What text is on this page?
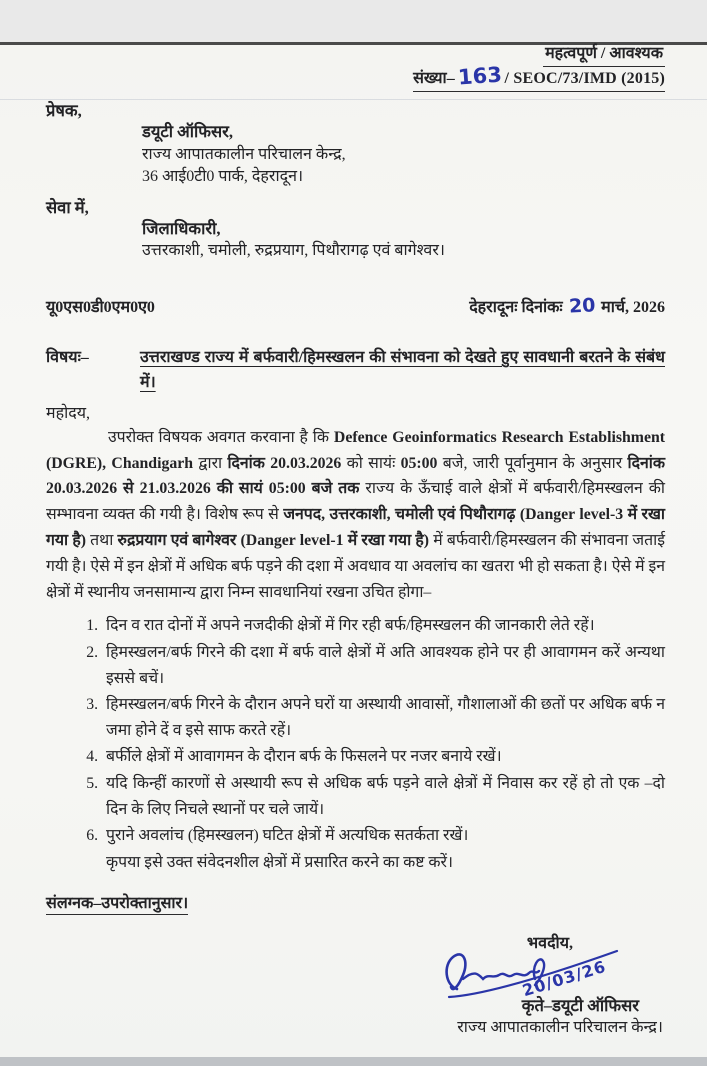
महत्वपूर्ण / आवश्यक
संख्या– 163 / SEOC/73/IMD (2015)
प्रेषक,
डयूटी ऑफिसर,
राज्य आपातकालीन परिचालन केन्द्र,
36 आई0टी0 पार्क, देहरादून।
सेवा में,
जिलाधिकारी,
उत्तरकाशी, चमोली, रुद्रप्रयाग, पिथौरागढ़ एवं बागेश्वर।
यू0एस0डी0एम0ए0	देहरादूनः दिनांकः 20 मार्च, 2026
विषयः–	उत्तराखण्ड राज्य में बर्फवारी/हिमस्खलन की संभावना को देखते हुए सावधानी बरतने के संबंध में।
महोदय,

उपरोक्त विषयक अवगत करवाना है कि Defence Geoinformatics Research Establishment (DGRE), Chandigarh द्वारा दिनांक 20.03.2026 को सायंः 05:00 बजे, जारी पूर्वानुमान के अनुसार दिनांक 20.03.2026 से 21.03.2026 की सायं 05:00 बजे तक राज्य के ऊँचाई वाले क्षेत्रों में बर्फवारी/हिमस्खलन की सम्भावना व्यक्त की गयी है। विशेष रूप से जनपद, उत्तरकाशी, चमोली एवं पिथौरागढ़ (Danger level-3 में रखा गया है) तथा रुद्रप्रयाग एवं बागेश्वर (Danger level-1 में रखा गया है) में बर्फवारी/हिमस्खलन की संभावना जताई गयी है। ऐसे में इन क्षेत्रों में अधिक बर्फ पड़ने की दशा में अवधाव या अवलांच का खतरा भी हो सकता है। ऐसे में इन क्षेत्रों में स्थानीय जनसामान्य द्वारा निम्न सावधानियां रखना उचित होगा–

1. दिन व रात दोनों में अपने नजदीकी क्षेत्रों में गिर रही बर्फ/हिमस्खलन की जानकारी लेते रहें।
2. हिमस्खलन/बर्फ गिरने की दशा में बर्फ वाले क्षेत्रों में अति आवश्यक होने पर ही आवागमन करें अन्यथा इससे बचें।
3. हिमस्खलन/बर्फ गिरने के दौरान अपने घरों या अस्थायी आवासों, गौशालाओं की छतों पर अधिक बर्फ न जमा होने दें व इसे साफ करते रहें।
4. बर्फीले क्षेत्रों में आवागमन के दौरान बर्फ के फिसलने पर नजर बनाये रखें।
5. यदि किन्हीं कारणों से अस्थायी रूप से अधिक बर्फ पड़ने वाले क्षेत्रों में निवास कर रहें हो तो एक –दो दिन के लिए निचले स्थानों पर चले जायें।
6. पुराने अवलांच (हिमस्खलन) घटित क्षेत्रों में अत्यधिक सतर्कता रखें।
कृपया इसे उक्त संवेदनशील क्षेत्रों में प्रसारित करने का कष्ट करें।
संलग्नक–उपरोक्तानुसार।
भवदीय,
20/03/26
कृते–डयूटी ऑफिसर
राज्य आपातकालीन परिचालन केन्द्र।
